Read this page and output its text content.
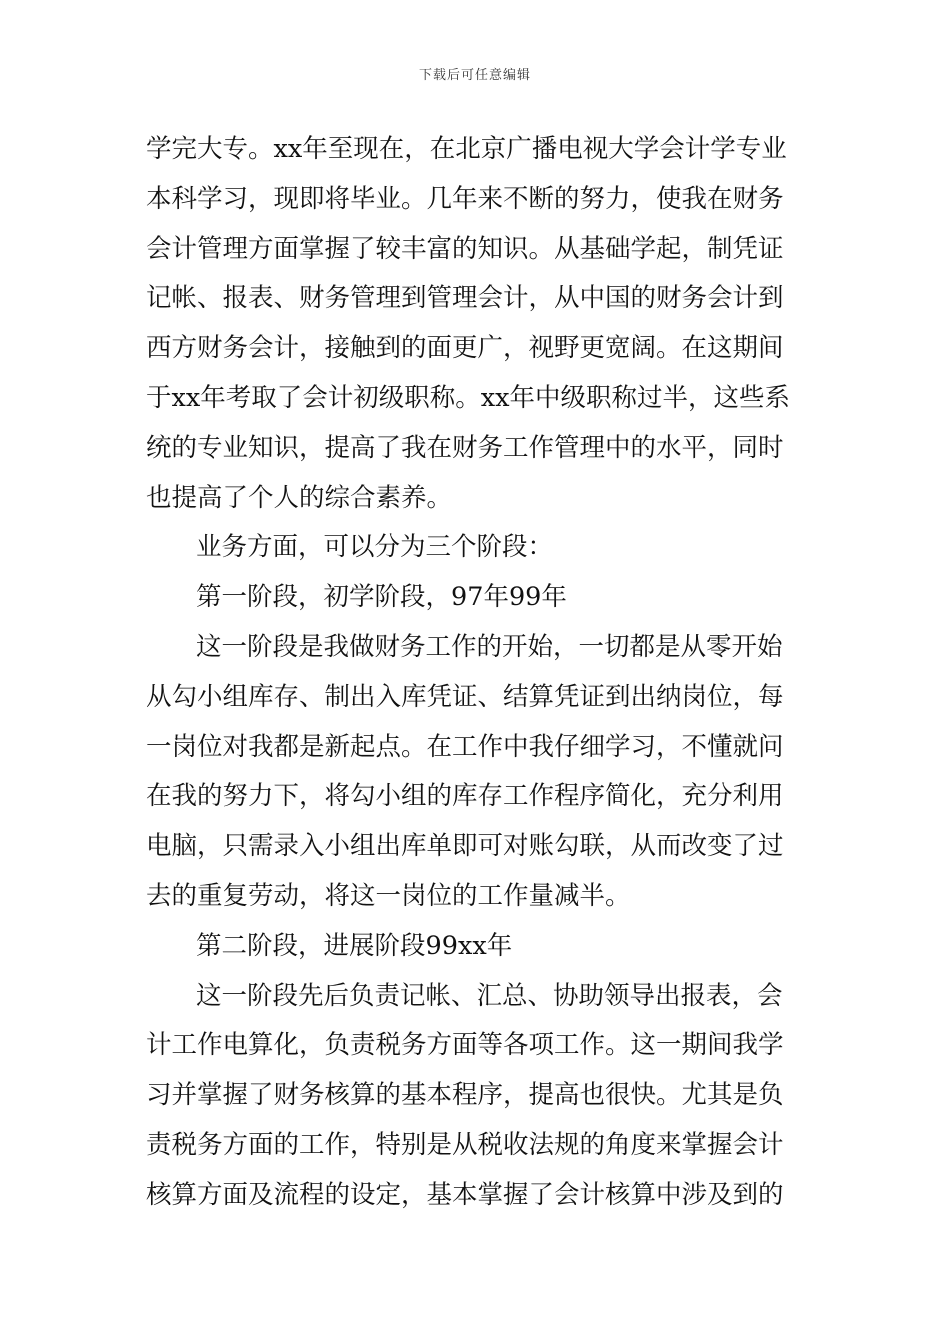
下载后可任意编辑
学完大专。xx年至现在，在北京广播电视大学会计学专业
本科学习，现即将毕业。几年来不断的努力，使我在财务
会计管理方面掌握了较丰富的知识。从基础学起，制凭证
记帐、报表、财务管理到管理会计，从中国的财务会计到
西方财务会计，接触到的面更广，视野更宽阔。在这期间
于xx年考取了会计初级职称。xx年中级职称过半，这些系
统的专业知识，提高了我在财务工作管理中的水平，同时
也提高了个人的综合素养。
业务方面，可以分为三个阶段：
第一阶段，初学阶段，97年99年
这一阶段是我做财务工作的开始，一切都是从零开始
从勾小组库存、制出入库凭证、结算凭证到出纳岗位，每
一岗位对我都是新起点。在工作中我仔细学习，不懂就问
在我的努力下，将勾小组的库存工作程序简化，充分利用
电脑，只需录入小组出库单即可对账勾联，从而改变了过
去的重复劳动，将这一岗位的工作量减半。
第二阶段，进展阶段99xx年
这一阶段先后负责记帐、汇总、协助领导出报表，会
计工作电算化，负责税务方面等各项工作。这一期间我学
习并掌握了财务核算的基本程序，提高也很快。尤其是负
责税务方面的工作，特别是从税收法规的角度来掌握会计
核算方面及流程的设定，基本掌握了会计核算中涉及到的
